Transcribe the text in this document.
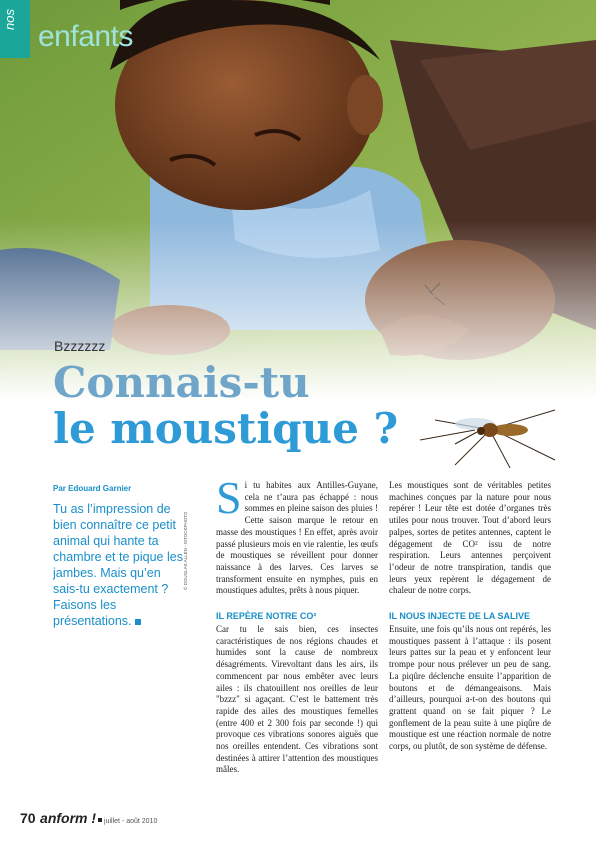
nos
enfants
Bzzzzzz
Connais-tu
le moustique ?
Par Edouard Garnier
Tu as l’impression de bien connaître ce petit animal qui hante ta chambre et te pique les jambes. Mais qu’en sais-tu exactement ? Faisons les présentations.
© DOUGLAS ALLEN - ISTOCKPHOTO

Si tu habites aux Antilles-Guyane, cela ne t’aura pas échappé : nous sommes en pleine saison des pluies ! Cette saison marque le retour en masse des moustiques ! En effet, après avoir passé plusieurs mois en vie ralentie, les œufs de moustiques se réveillent pour donner naissance à des larves. Ces larves se transforment ensuite en nymphes, puis en moustiques adultes, prêts à nous piquer.

IL REPÈRE NOTRE CO²

Car tu le sais bien, ces insectes caractéristiques de nos régions chaudes et humides sont la cause de nombreux désagréments. Virevoltant dans les airs, ils commencent par nous embêter avec leurs ailes : ils chatouillent nos oreilles de leur "bzzz" si agaçant. C’est le battement très rapide des ailes des moustiques femelles (entre 400 et 2 300 fois par seconde !) qui provoque ces vibrations sonores aiguës que nos oreilles entendent. Ces vibrations sont destinées à attirer l’attention des moustiques mâles.

Les moustiques sont de véritables petites machines conçues par la nature pour nous repérer ! Leur tête est dotée d’organes très utiles pour nous trouver. Tout d’abord leurs palpes, sortes de petites antennes, captent le dégagement de CO² issu de notre respiration. Leurs antennes perçoivent l’odeur de notre transpiration, tandis que leurs yeux repèrent le dégagement de chaleur de notre corps.

IL NOUS INJECTE DE LA SALIVE

Ensuite, une fois qu’ils nous ont repérés, les moustiques passent à l’attaque : ils posent leurs pattes sur la peau et y enfoncent leur trompe pour nous prélever un peu de sang. La piqûre déclenche ensuite l’apparition de boutons et de démangeaisons. Mais d’ailleurs, pourquoi a-t-on des boutons qui grattent quand on se fait piquer ? Le gonflement de la peau suite à une piqûre de moustique est une réaction normale de notre corps, ou plutôt, de son système de défense.

70 anform ! juillet - août 2010
